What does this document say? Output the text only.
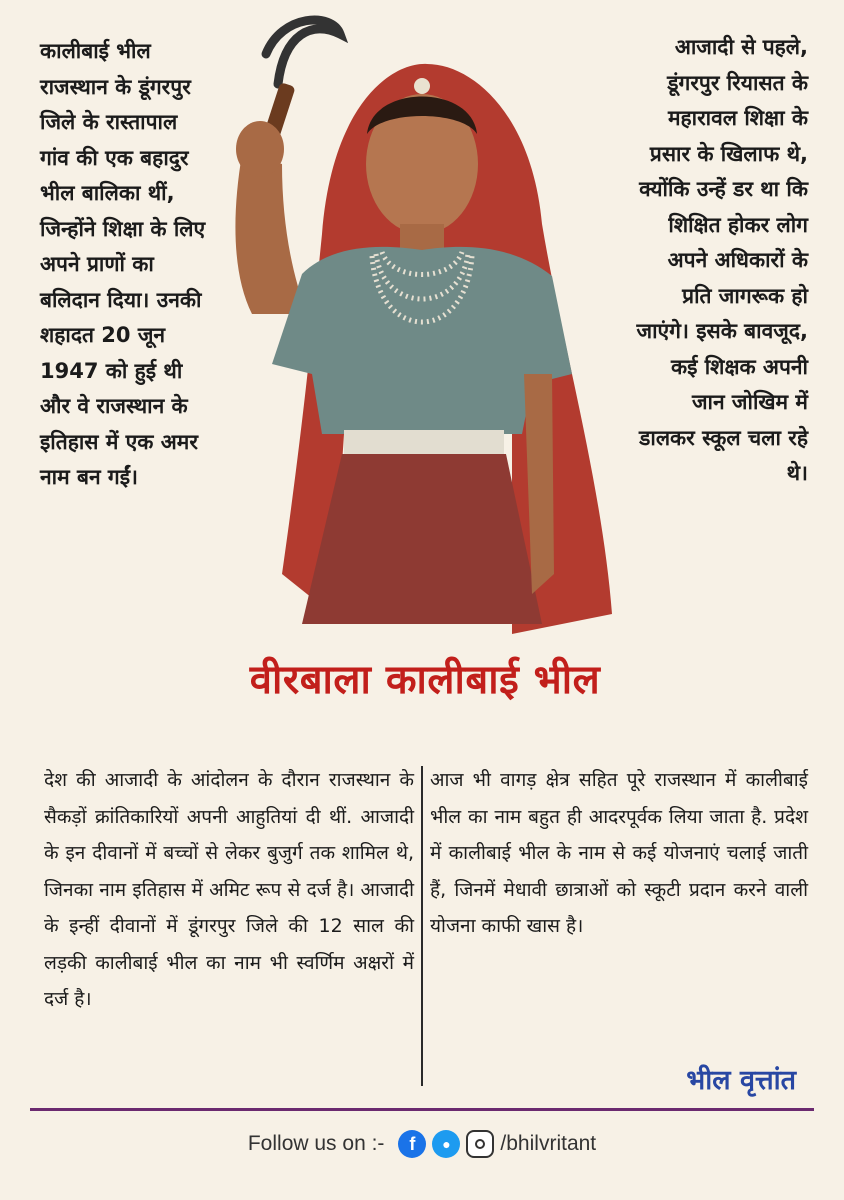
कालीबाई भील राजस्थान के डूंगरपुर जिले के रास्तापाल गांव की एक बहादुर भील बालिका थीं, जिन्होंने शिक्षा के लिए अपने प्राणों का बलिदान दिया। उनकी शहादत 20 जून 1947 को हुई थी और वे राजस्थान के इतिहास में एक अमर नाम बन गईं।
आजादी से पहले, डूंगरपुर रियासत के महारावल शिक्षा के प्रसार के खिलाफ थे, क्योंकि उन्हें डर था कि शिक्षित होकर लोग अपने अधिकारों के प्रति जागरूक हो जाएंगे। इसके बावजूद, कई शिक्षक अपनी जान जोखिम में डालकर स्कूल चला रहे थे।
वीरबाला कालीबाई भील
देश की आजादी के आंदोलन के दौरान राजस्थान के सैकड़ों क्रांतिकारियों अपनी आहुतियां दी थीं. आजादी के इन दीवानों में बच्चों से लेकर बुजुर्ग तक शामिल थे, जिनका नाम इतिहास में अमिट रूप से दर्ज है। आजादी के इन्हीं दीवानों में डूंगरपुर जिले की 12 साल की लड़की कालीबाई भील का नाम भी स्वर्णिम अक्षरों में दर्ज है।
आज भी वागड़ क्षेत्र सहित पूरे राजस्थान में कालीबाई भील का नाम बहुत ही आदरपूर्वक लिया जाता है. प्रदेश में कालीबाई भील के नाम से कई योजनाएं चलाई जाती हैं, जिनमें मेधावी छात्राओं को स्कूटी प्रदान करने वाली योजना काफी खास है।
भील वृत्तांत
Follow us on :-	f	●	/bhilvritant
